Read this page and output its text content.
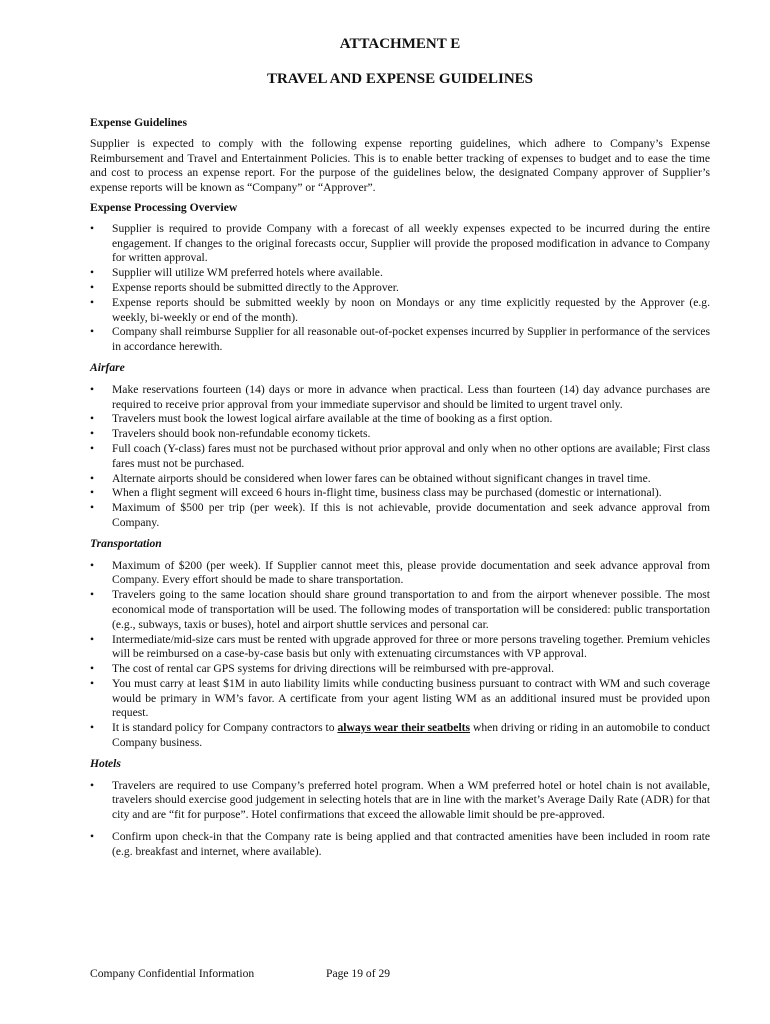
ATTACHMENT E
TRAVEL AND EXPENSE GUIDELINES
Expense Guidelines

Supplier is expected to comply with the following expense reporting guidelines, which adhere to Company’s Expense Reimbursement and Travel and Entertainment Policies. This is to enable better tracking of expenses to budget and to ease the time and cost to process an expense report. For the purpose of the guidelines below, the designated Company approver of Supplier’s expense reports will be known as “Company” or “Approver”.

Expense Processing Overview
• Supplier is required to provide Company with a forecast of all weekly expenses expected to be incurred during the entire engagement. If changes to the original forecasts occur, Supplier will provide the proposed modification in advance to Company for written approval.
• Supplier will utilize WM preferred hotels where available.
• Expense reports should be submitted directly to the Approver.
• Expense reports should be submitted weekly by noon on Mondays or any time explicitly requested by the Approver (e.g. weekly, bi-weekly or end of the month).
• Company shall reimburse Supplier for all reasonable out-of-pocket expenses incurred by Supplier in performance of the services in accordance herewith.
Airfare
• Make reservations fourteen (14) days or more in advance when practical. Less than fourteen (14) day advance purchases are required to receive prior approval from your immediate supervisor and should be limited to urgent travel only.
• Travelers must book the lowest logical airfare available at the time of booking as a first option.
• Travelers should book non-refundable economy tickets.
• Full coach (Y-class) fares must not be purchased without prior approval and only when no other options are available; First class fares must not be purchased.
• Alternate airports should be considered when lower fares can be obtained without significant changes in travel time.
• When a flight segment will exceed 6 hours in-flight time, business class may be purchased (domestic or international).
• Maximum of $500 per trip (per week). If this is not achievable, provide documentation and seek advance approval from Company.
Transportation
• Maximum of $200 (per week). If Supplier cannot meet this, please provide documentation and seek advance approval from Company. Every effort should be made to share transportation.
• Travelers going to the same location should share ground transportation to and from the airport whenever possible. The most economical mode of transportation will be used. The following modes of transportation will be considered: public transportation (e.g., subways, taxis or buses), hotel and airport shuttle services and personal car.
• Intermediate/mid-size cars must be rented with upgrade approved for three or more persons traveling together. Premium vehicles will be reimbursed on a case-by-case basis but only with extenuating circumstances with VP approval.
• The cost of rental car GPS systems for driving directions will be reimbursed with pre-approval.
• You must carry at least $1M in auto liability limits while conducting business pursuant to contract with WM and such coverage would be primary in WM’s favor. A certificate from your agent listing WM as an additional insured must be provided upon request.
• It is standard policy for Company contractors to always wear their seatbelts when driving or riding in an automobile to conduct Company business.
Hotels
• Travelers are required to use Company’s preferred hotel program. When a WM preferred hotel or hotel chain is not available, travelers should exercise good judgement in selecting hotels that are in line with the market’s Average Daily Rate (ADR) for that city and are “fit for purpose”. Hotel confirmations that exceed the allowable limit should be pre-approved.
• Confirm upon check-in that the Company rate is being applied and that contracted amenities have been included in room rate (e.g. breakfast and internet, where available).
Company Confidential Information	Page 19 of 29
